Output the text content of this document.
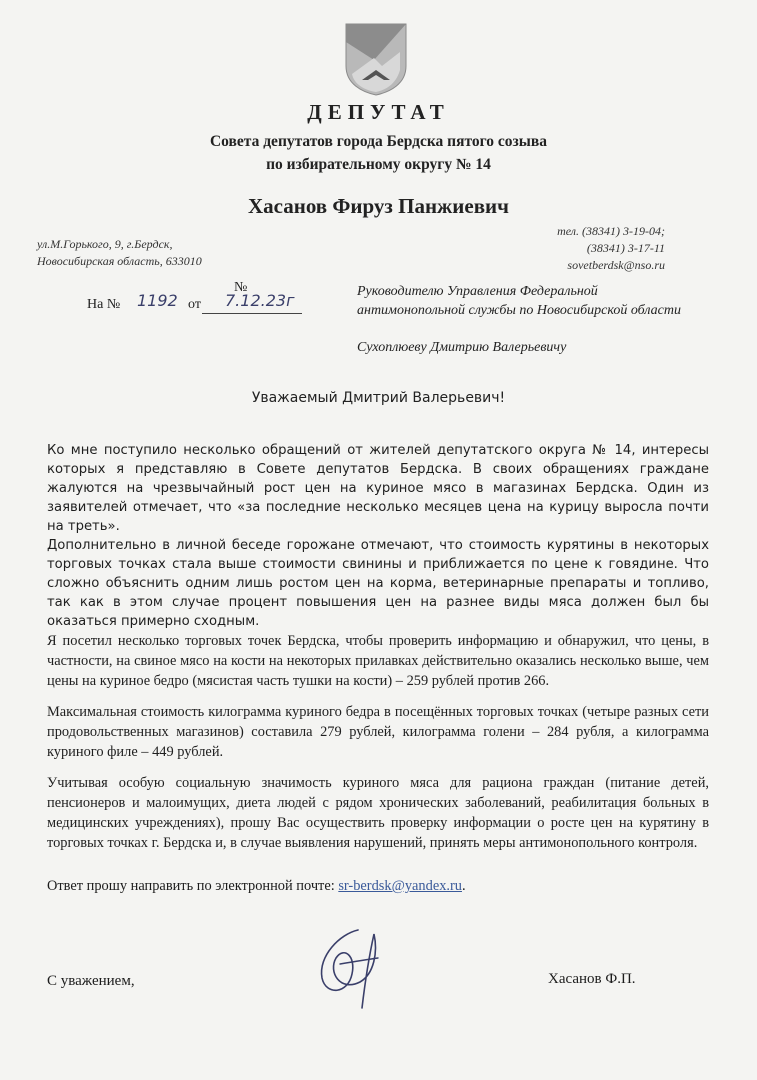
ДЕПУТАТ
Совета депутатов города Бердска пятого созыва
по избирательному округу № 14
Хасанов Фируз Панжиевич
ул.М.Горького, 9, г.Бердск,
Новосибирская область, 633010
тел. (38341) 3-19-04;
(38341) 3-17-11
sovetberdsk@nso.ru
№
На № 1192 от 7.12.23г	Руководителю Управления Федеральной
антимонопольной службы по Новосибирской области
Сухоплюеву Дмитрию Валерьевичу
Уважаемый Дмитрий Валерьевич!
Ко мне поступило несколько обращений от жителей депутатского округа № 14, интересы которых я представляю в Совете депутатов Бердска. В своих обращениях граждане жалуются на чрезвычайный рост цен на куриное мясо в магазинах Бердска. Один из заявителей отмечает, что «за последние несколько месяцев цена на курицу выросла почти на треть».
Дополнительно в личной беседе горожане отмечают, что стоимость курятины в некоторых торговых точках стала выше стоимости свинины и приближается по цене к говядине. Что сложно объяснить одним лишь ростом цен на корма, ветеринарные препараты и топливо, так как в этом случае процент повышения цен на разнее виды мяса должен был бы оказаться примерно сходным.
Я посетил несколько торговых точек Бердска, чтобы проверить информацию и обнаружил, что цены, в частности, на свиное мясо на кости на некоторых прилавках действительно оказались несколько выше, чем цены на куриное бедро (мясистая часть тушки на кости) – 259 рублей против 266.
Максимальная стоимость килограмма куриного бедра в посещённых торговых точках (четыре разных сети продовольственных магазинов) составила 279 рублей, килограмма голени – 284 рубля, а килограмма куриного филе – 449 рублей.
Учитывая особую социальную значимость куриного мяса для рациона граждан (питание детей, пенсионеров и малоимущих, диета людей с рядом хронических заболеваний, реабилитация больных в медицинских учреждениях), прошу Вас осуществить проверку информации о росте цен на курятину в торговых точках г. Бердска и, в случае выявления нарушений, принять меры антимонопольного контроля.
Ответ прошу направить по электронной почте: sr-berdsk@yandex.ru.
С уважением,	Хасанов Ф.П.
